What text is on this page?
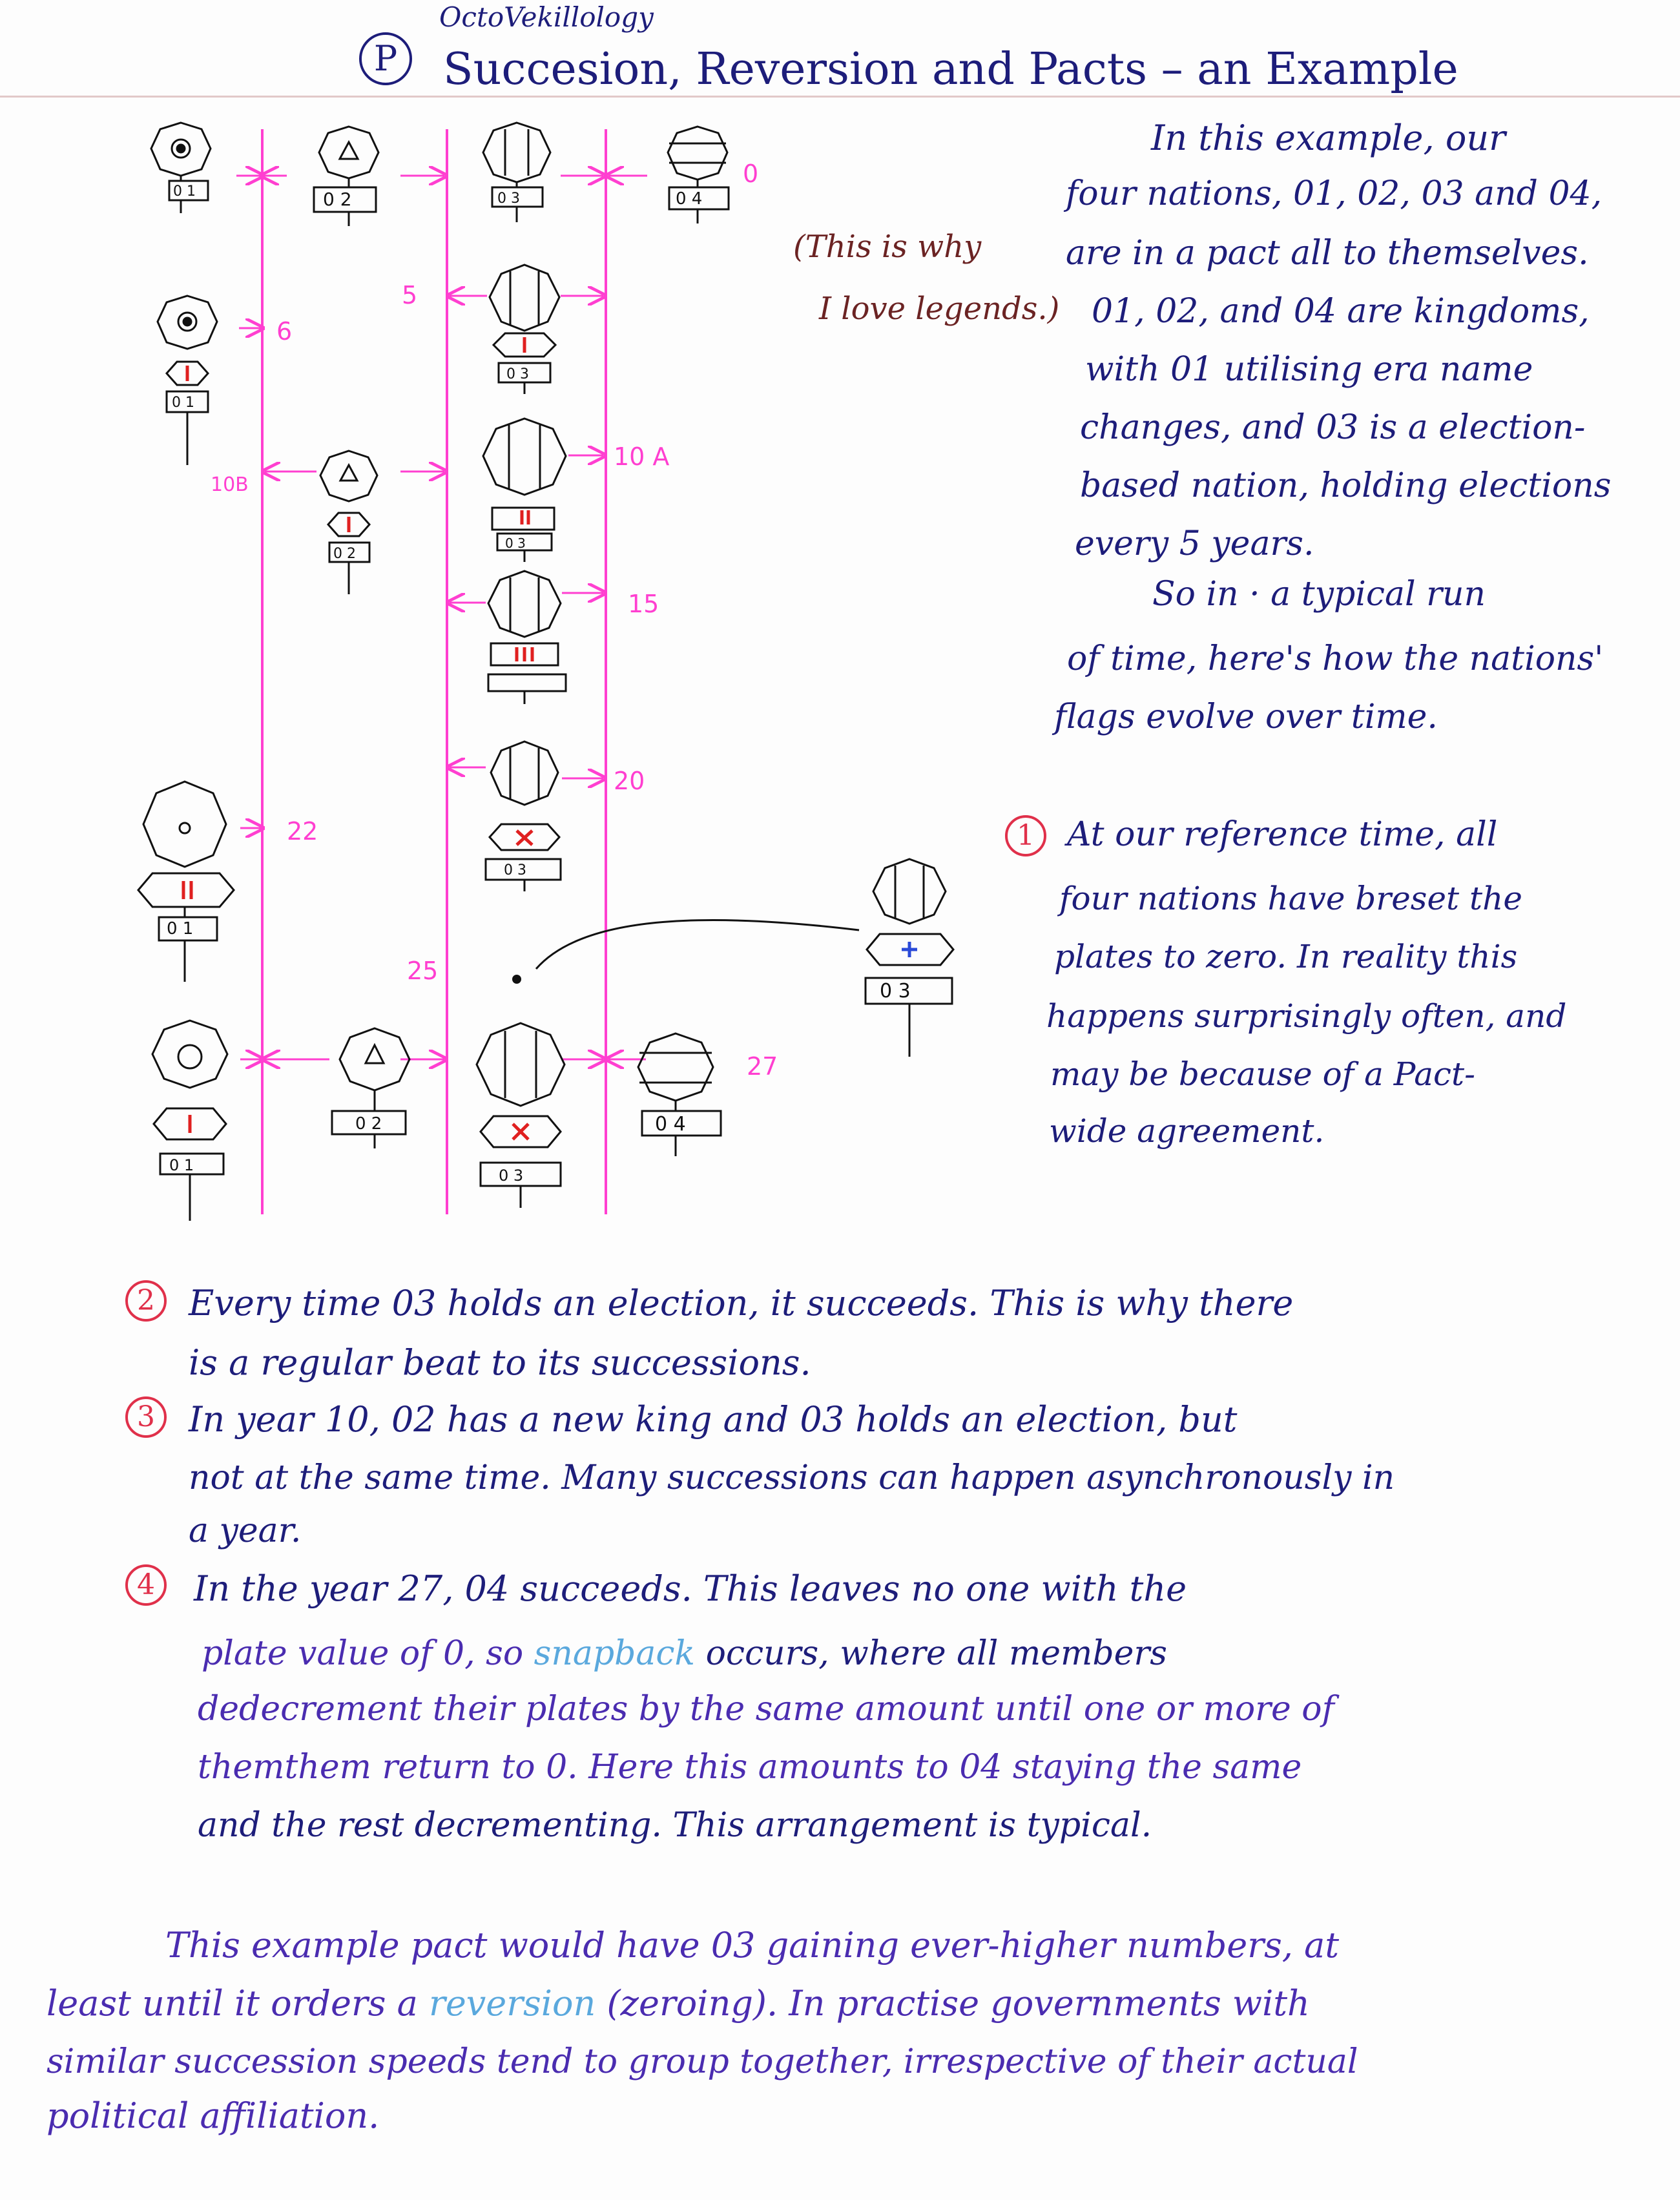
P
OctoVekillology
Succesion, Reversion and Pacts – an Example
0
5
6
10 A
10B
15
20
22
25
27
0 1	0 2	0 3	0 4
0 1
0 3
0 2
0 3
0 3
0 1
0 3
0 1
0 2
0 3
0 4
(This is why
I love legends.)
In this example, our
four nations, 01, 02, 03 and 04,
are in a pact all to themselves.
01, 02, and 04 are kingdoms,
with 01 utilising era name
changes, and 03 is a election-
based nation, holding elections
every 5 years.
So in · a typical run
of time, here's how the nations'
flags evolve over time.
1 At our reference time, all
four nations have breset the
plates to zero. In reality this
happens surprisingly often, and
may be because of a Pact-
wide agreement.
2 Every time 03 holds an election, it succeeds. This is why there
is a regular beat to its successions.
3 In year 10, 02 has a new king and 03 holds an election, but
not at the same time. Many successions can happen asynchronously in
a year.
4	In the year 27, 04 succeeds. This leaves no one with the
plate value of 0, so snapback occurs, where all members
dedecrement their plates by the same amount until one or more of
themthem return to 0. Here this amounts to 04 staying the same
and the rest decrementing. This arrangement is typical.
This example pact would have 03 gaining ever-higher numbers, at
least until it orders a reversion (zeroing). In practise governments with
similar succession speeds tend to group together, irrespective of their actual
political affiliation.
